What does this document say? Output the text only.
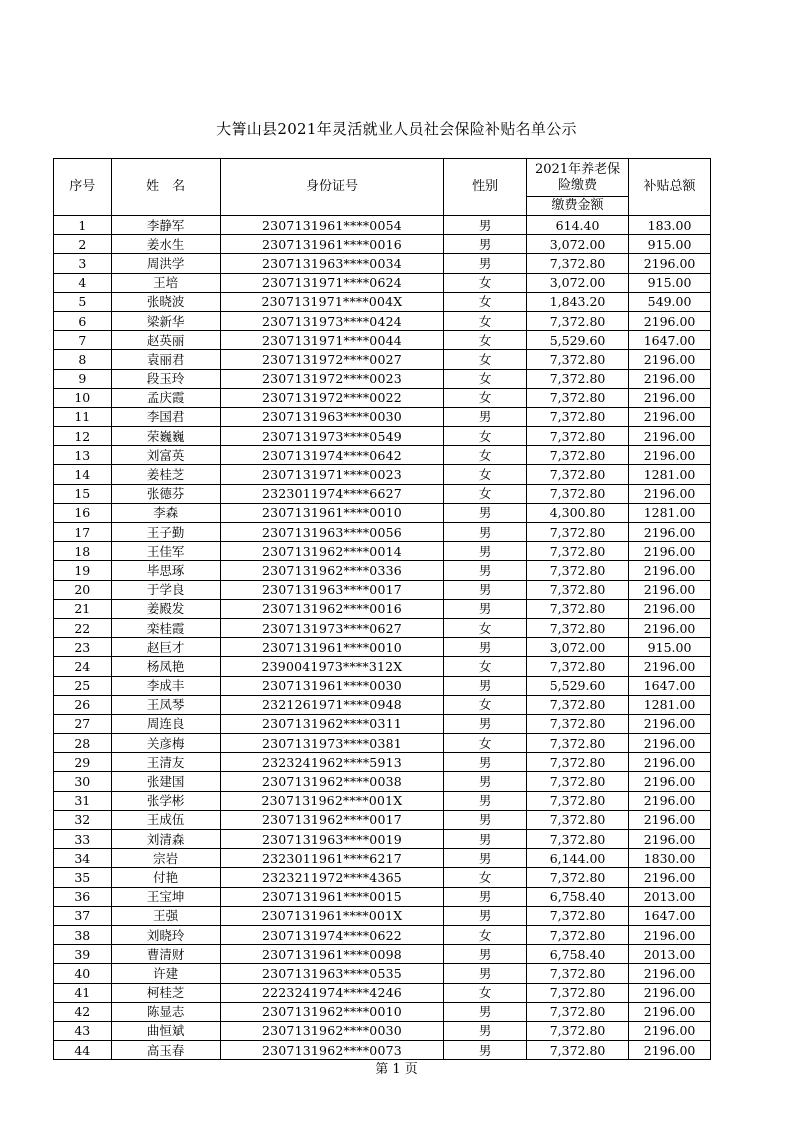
大箐山县2021年灵活就业人员社会保险补贴名单公示
序号	姓　名	身份证号	性别	2021年养老保险缴费	补贴总额
				缴费金额	
1	李静军	2307131961****0054	男	614.40	183.00
2	姜水生	2307131961****0016	男	3,072.00	915.00
3	周洪学	2307131963****0034	男	7,372.80	2196.00
4	王培	2307131971****0624	女	3,072.00	915.00
5	张晓波	2307131971****004X	女	1,843.20	549.00
6	梁新华	2307131973****0424	女	7,372.80	2196.00
7	赵英丽	2307131971****0044	女	5,529.60	1647.00
8	袁丽君	2307131972****0027	女	7,372.80	2196.00
9	段玉玲	2307131972****0023	女	7,372.80	2196.00
10	孟庆霞	2307131972****0022	女	7,372.80	2196.00
11	李国君	2307131963****0030	男	7,372.80	2196.00
12	荣巍巍	2307131973****0549	女	7,372.80	2196.00
13	刘富英	2307131974****0642	女	7,372.80	2196.00
14	姜桂芝	2307131971****0023	女	7,372.80	1281.00
15	张德芬	2323011974****6627	女	7,372.80	2196.00
16	李森	2307131961****0010	男	4,300.80	1281.00
17	王子勤	2307131963****0056	男	7,372.80	2196.00
18	王佳军	2307131962****0014	男	7,372.80	2196.00
19	毕思琢	2307131962****0336	男	7,372.80	2196.00
20	于学良	2307131963****0017	男	7,372.80	2196.00
21	姜殿发	2307131962****0016	男	7,372.80	2196.00
22	栾桂霞	2307131973****0627	女	7,372.80	2196.00
23	赵巨才	2307131961****0010	男	3,072.00	915.00
24	杨凤艳	2390041973****312X	女	7,372.80	2196.00
25	李成丰	2307131961****0030	男	5,529.60	1647.00
26	王凤琴	2321261971****0948	女	7,372.80	1281.00
27	周连良	2307131962****0311	男	7,372.80	2196.00
28	关彦梅	2307131973****0381	女	7,372.80	2196.00
29	王清友	2323241962****5913	男	7,372.80	2196.00
30	张建国	2307131962****0038	男	7,372.80	2196.00
31	张学彬	2307131962****001X	男	7,372.80	2196.00
32	王成伍	2307131962****0017	男	7,372.80	2196.00
33	刘清森	2307131963****0019	男	7,372.80	2196.00
34	宗岩	2323011961****6217	男	6,144.00	1830.00
35	付艳	2323211972****4365	女	7,372.80	2196.00
36	王宝坤	2307131961****0015	男	6,758.40	2013.00
37	王强	2307131961****001X	男	7,372.80	1647.00
38	刘晓玲	2307131974****0622	女	7,372.80	2196.00
39	曹清财	2307131961****0098	男	6,758.40	2013.00
40	许建	2307131963****0535	男	7,372.80	2196.00
41	柯桂芝	2223241974****4246	女	7,372.80	2196.00
42	陈显志	2307131962****0010	男	7,372.80	2196.00
43	曲恒斌	2307131962****0030	男	7,372.80	2196.00
44	高玉春	2307131962****0073	男	7,372.80	2196.00
第 1 页
